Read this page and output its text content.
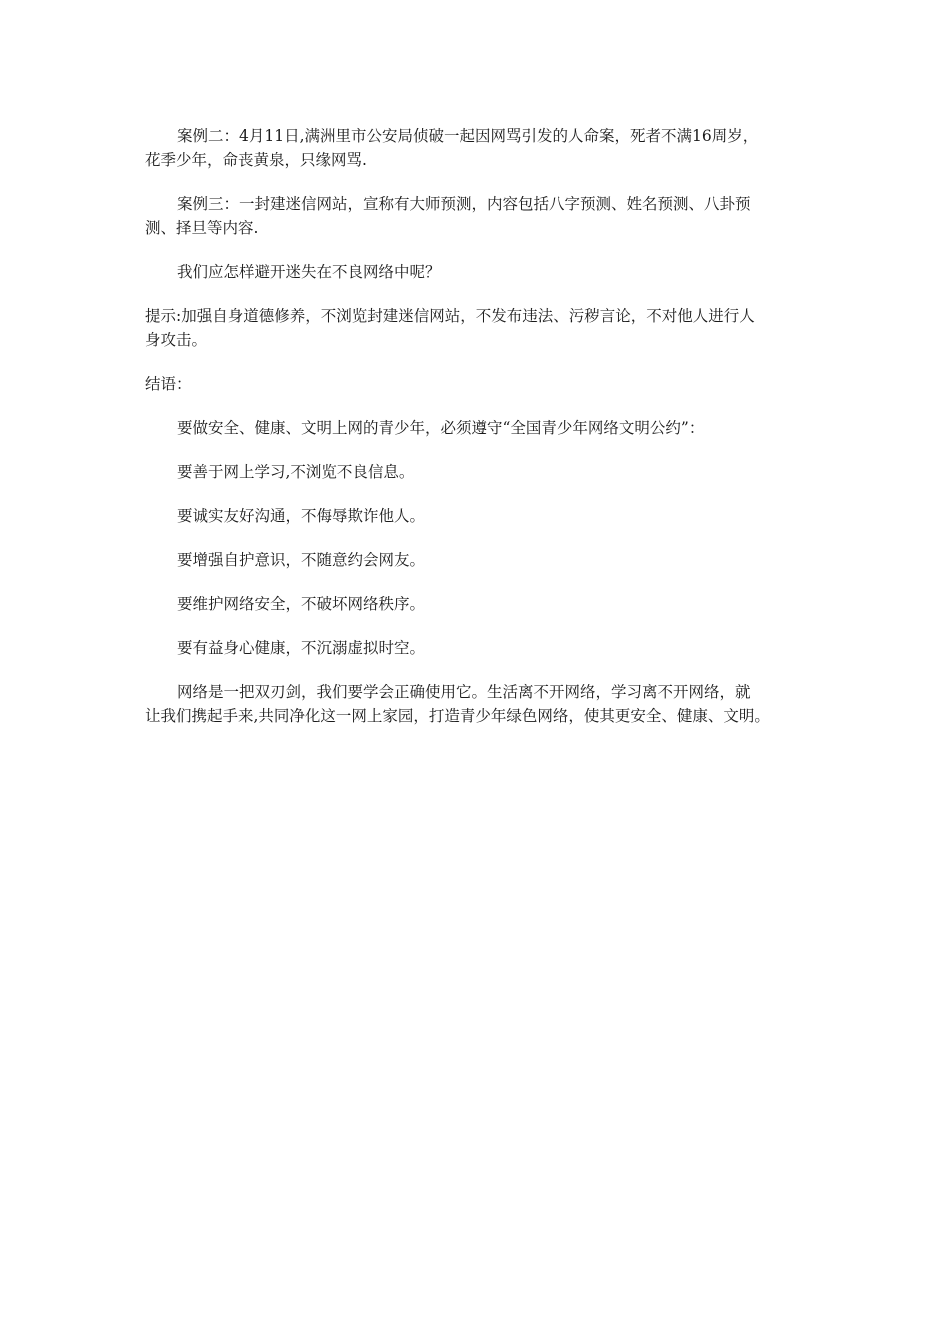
案例二：4月11日,满洲里市公安局侦破一起因网骂引发的人命案，死者不满16周岁，
花季少年，命丧黄泉，只缘网骂.

案例三：一封建迷信网站，宣称有大师预测，内容包括八字预测、姓名预测、八卦预
测、择旦等内容.

我们应怎样避开迷失在不良网络中呢？

提示:加强自身道德修养，不浏览封建迷信网站，不发布违法、污秽言论，不对他人进行人
身攻击。

结语：

要做安全、健康、文明上网的青少年，必须遵守“全国青少年网络文明公约”：

要善于网上学习,不浏览不良信息。

要诚实友好沟通，不侮辱欺诈他人。

要增强自护意识，不随意约会网友。

要维护网络安全，不破坏网络秩序。

要有益身心健康，不沉溺虚拟时空。

网络是一把双刃剑，我们要学会正确使用它。生活离不开网络，学习离不开网络，就
让我们携起手来,共同净化这一网上家园，打造青少年绿色网络，使其更安全、健康、文明。
